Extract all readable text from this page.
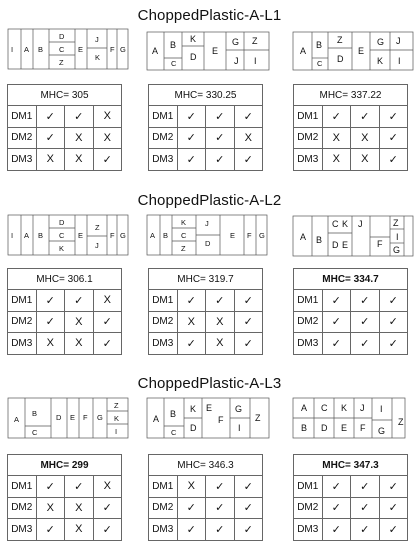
ChoppedPlastic-A-L1
I A B
D
C
Z
E
J
K
F G	A
B
C
K
D
E
G
J
Z
I
A
B
C
Z
D
E
G
K
J
I
MHC= 305			
DM1	✓	✓	X
DM2	✓	X	X
DM3	X	X	✓
MHC= 330.25			
DM1	✓	✓	✓
DM2	✓	✓	X
DM3	✓	✓	✓
MHC= 337.22			
DM1	✓	✓	✓
DM2	X	X	✓
DM3	X	X	✓
ChoppedPlastic-A-L2
I A B
D
C
K
E
Z
J
F G	A B
K
C
Z
J
D
E F G	A B
C K
D E
J
F
Z
I
G
MHC= 306.1			
DM1	✓	✓	X
DM2	✓	X	✓
DM3	X	X	✓
MHC= 319.7			
DM1	✓	✓	✓
DM2	X	X	✓
DM3	✓	X	✓
MHC= 334.7			
DM1	✓	✓	✓
DM2	✓	✓	✓
DM3	✓	✓	✓
ChoppedPlastic-A-L3
A
B
C
D E F G
Z
K
I
A B
C
K
D
E
F
G
I
Z
A C K J
B D E F G
I
Z
MHC= 299			
DM1	✓	✓	X
DM2	X	X	✓
DM3	✓	X	✓
MHC= 346.3			
DM1	X	✓	✓
DM2	✓	✓	✓
DM3	✓	✓	✓
MHC= 347.3			
DM1	✓	✓	✓
DM2	✓	✓	✓
DM3	✓	✓	✓
